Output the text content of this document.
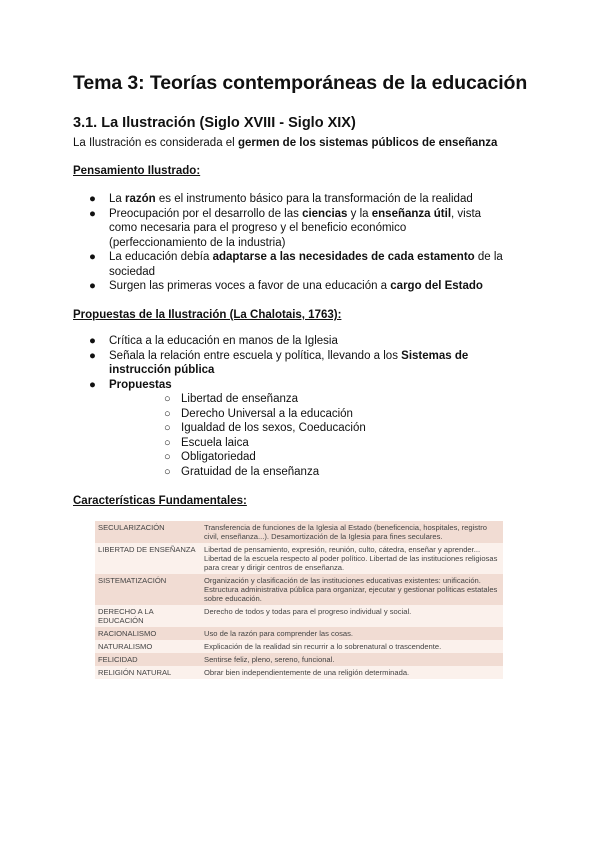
Tema 3: Teorías contemporáneas de la educación
3.1. La Ilustración (Siglo XVIII - Siglo XIX)
La Ilustración es considerada el germen de los sistemas públicos de enseñanza
Pensamiento Ilustrado:
● La razón es el instrumento básico para la transformación de la realidad
● Preocupación por el desarrollo de las ciencias y la enseñanza útil, vista como necesaria para el progreso y el beneficio económico (perfeccionamiento de la industria)
● La educación debía adaptarse a las necesidades de cada estamento de la sociedad
● Surgen las primeras voces a favor de una educación a cargo del Estado
Propuestas de la Ilustración (La Chalotais, 1763):
● Crítica a la educación en manos de la Iglesia
● Señala la relación entre escuela y política, llevando a los Sistemas de instrucción pública
● Propuestas
○ Libertad de enseñanza
○ Derecho Universal a la educación
○ Igualdad de los sexos, Coeducación
○ Escuela laica
○ Obligatoriedad
○ Gratuidad de la enseñanza
Características Fundamentales:
SECULARIZACIÓN	Transferencia de funciones de la Iglesia al Estado (beneficencia, hospitales, registro civil, enseñanza...). Desamortización de la Iglesia para fines seculares.
LIBERTAD DE ENSEÑANZA	Libertad de pensamiento, expresión, reunión, culto, cátedra, enseñar y aprender... Libertad de la escuela respecto al poder político. Libertad de las instituciones religiosas para crear y dirigir centros de enseñanza.
SISTEMATIZACIÓN	Organización y clasificación de las instituciones educativas existentes: unificación. Estructura administrativa pública para organizar, ejecutar y gestionar políticas estatales sobre educación.
DERECHO A LA EDUCACIÓN	Derecho de todos y todas para el progreso individual y social.
RACIONALISMO	Uso de la razón para comprender las cosas.
NATURALISMO	Explicación de la realidad sin recurrir a lo sobrenatural o trascendente.
FELICIDAD	Sentirse feliz, pleno, sereno, funcional.
RELIGIÓN NATURAL	Obrar bien independientemente de una religión determinada.
